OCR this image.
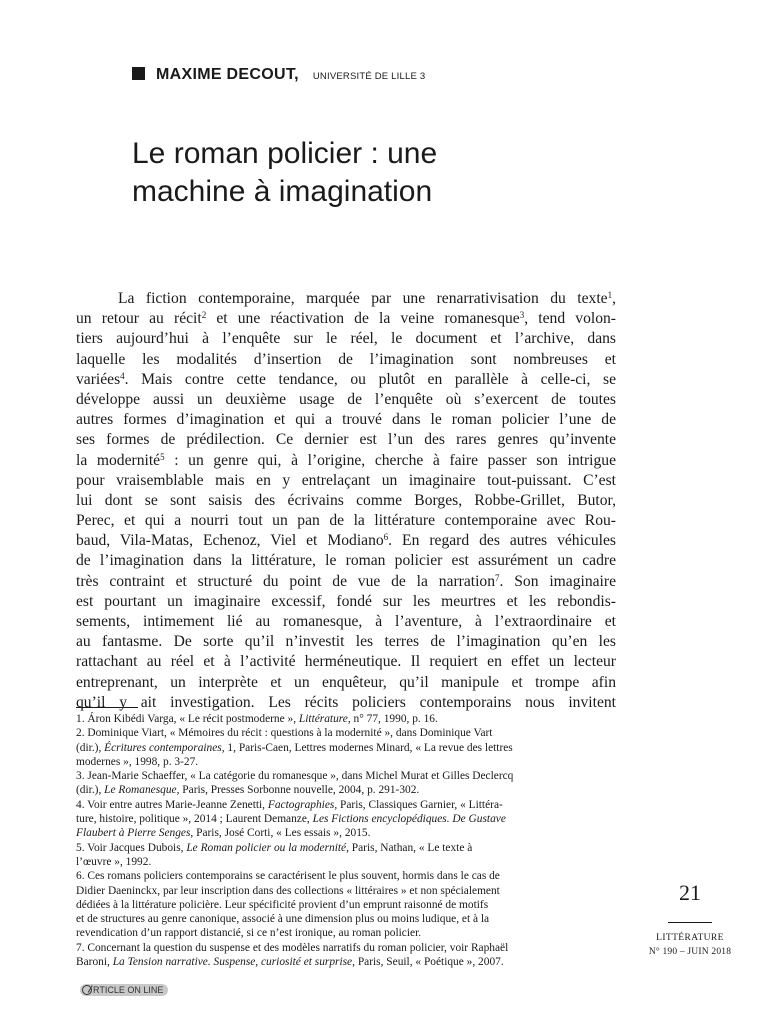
MAXIME DECOUT, UNIVERSITÉ DE LILLE 3
Le roman policier : une
machine à imagination
La fiction contemporaine, marquée par une renarrativisation du texte$^1$,
un retour au récit$^2$ et une réactivation de la veine romanesque$^3$, tend volon-
tiers aujourd’hui à l’enquête sur le réel, le document et l’archive, dans
laquelle les modalités d’insertion de l’imagination sont nombreuses et
variées$^4$. Mais contre cette tendance, ou plutôt en parallèle à celle-ci, se
développe aussi un deuxième usage de l’enquête où s’exercent de toutes
autres formes d’imagination et qui a trouvé dans le roman policier l’une de
ses formes de prédilection. Ce dernier est l’un des rares genres qu’invente
la modernité$^5$ : un genre qui, à l’origine, cherche à faire passer son intrigue
pour vraisemblable mais en y entrelaçant un imaginaire tout-puissant. C’est
lui dont se sont saisis des écrivains comme Borges, Robbe-Grillet, Butor,
Perec, et qui a nourri tout un pan de la littérature contemporaine avec Rou-
baud, Vila-Matas, Echenoz, Viel et Modiano$^6$. En regard des autres véhicules
de l’imagination dans la littérature, le roman policier est assurément un cadre
très contraint et structuré du point de vue de la narration$^7$. Son imaginaire
est pourtant un imaginaire excessif, fondé sur les meurtres et les rebondis-
sements, intimement lié au romanesque, à l’aventure, à l’extraordinaire et
au fantasme. De sorte qu’il n’investit les terres de l’imagination qu’en les
rattachant au réel et à l’activité herméneutique. Il requiert en effet un lecteur
entreprenant, un interprète et un enquêteur, qu’il manipule et trompe afin
qu’il y ait investigation. Les récits policiers contemporains nous invitent
1. Áron Kibédi Varga, « Le récit postmoderne », Littérature, n° 77, 1990, p. 16.
2. Dominique Viart, « Mémoires du récit : questions à la modernité », dans Dominique Vart
(dir.), Écritures contemporaines, 1, Paris-Caen, Lettres modernes Minard, « La revue des lettres
modernes », 1998, p. 3-27.
3. Jean-Marie Schaeffer, « La catégorie du romanesque », dans Michel Murat et Gilles Declercq
(dir.), Le Romanesque, Paris, Presses Sorbonne nouvelle, 2004, p. 291-302.
4. Voir entre autres Marie-Jeanne Zenetti, Factographies, Paris, Classiques Garnier, « Littéra-
ture, histoire, politique », 2014 ; Laurent Demanze, Les Fictions encyclopédiques. De Gustave
Flaubert à Pierre Senges, Paris, José Corti, « Les essais », 2015.
5. Voir Jacques Dubois, Le Roman policier ou la modernité, Paris, Nathan, « Le texte à
l’œuvre », 1992.
6. Ces romans policiers contemporains se caractérisent le plus souvent, hormis dans le cas de
Didier Daeninckx, par leur inscription dans des collections « littéraires » et non spécialement
dédiées à la littérature policière. Leur spécificité provient d’un emprunt raisonné de motifs
et de structures au genre canonique, associé à une dimension plus ou moins ludique, et à la
revendication d’un rapport distancié, si ce n’est ironique, au roman policier.
7. Concernant la question du suspense et des modèles narratifs du roman policier, voir Raphaël
Baroni, La Tension narrative. Suspense, curiosité et surprise, Paris, Seuil, « Poétique », 2007.
21
LITTÉRATURE
N° 190 – JUIN 2018
RTICLE ON LINE
